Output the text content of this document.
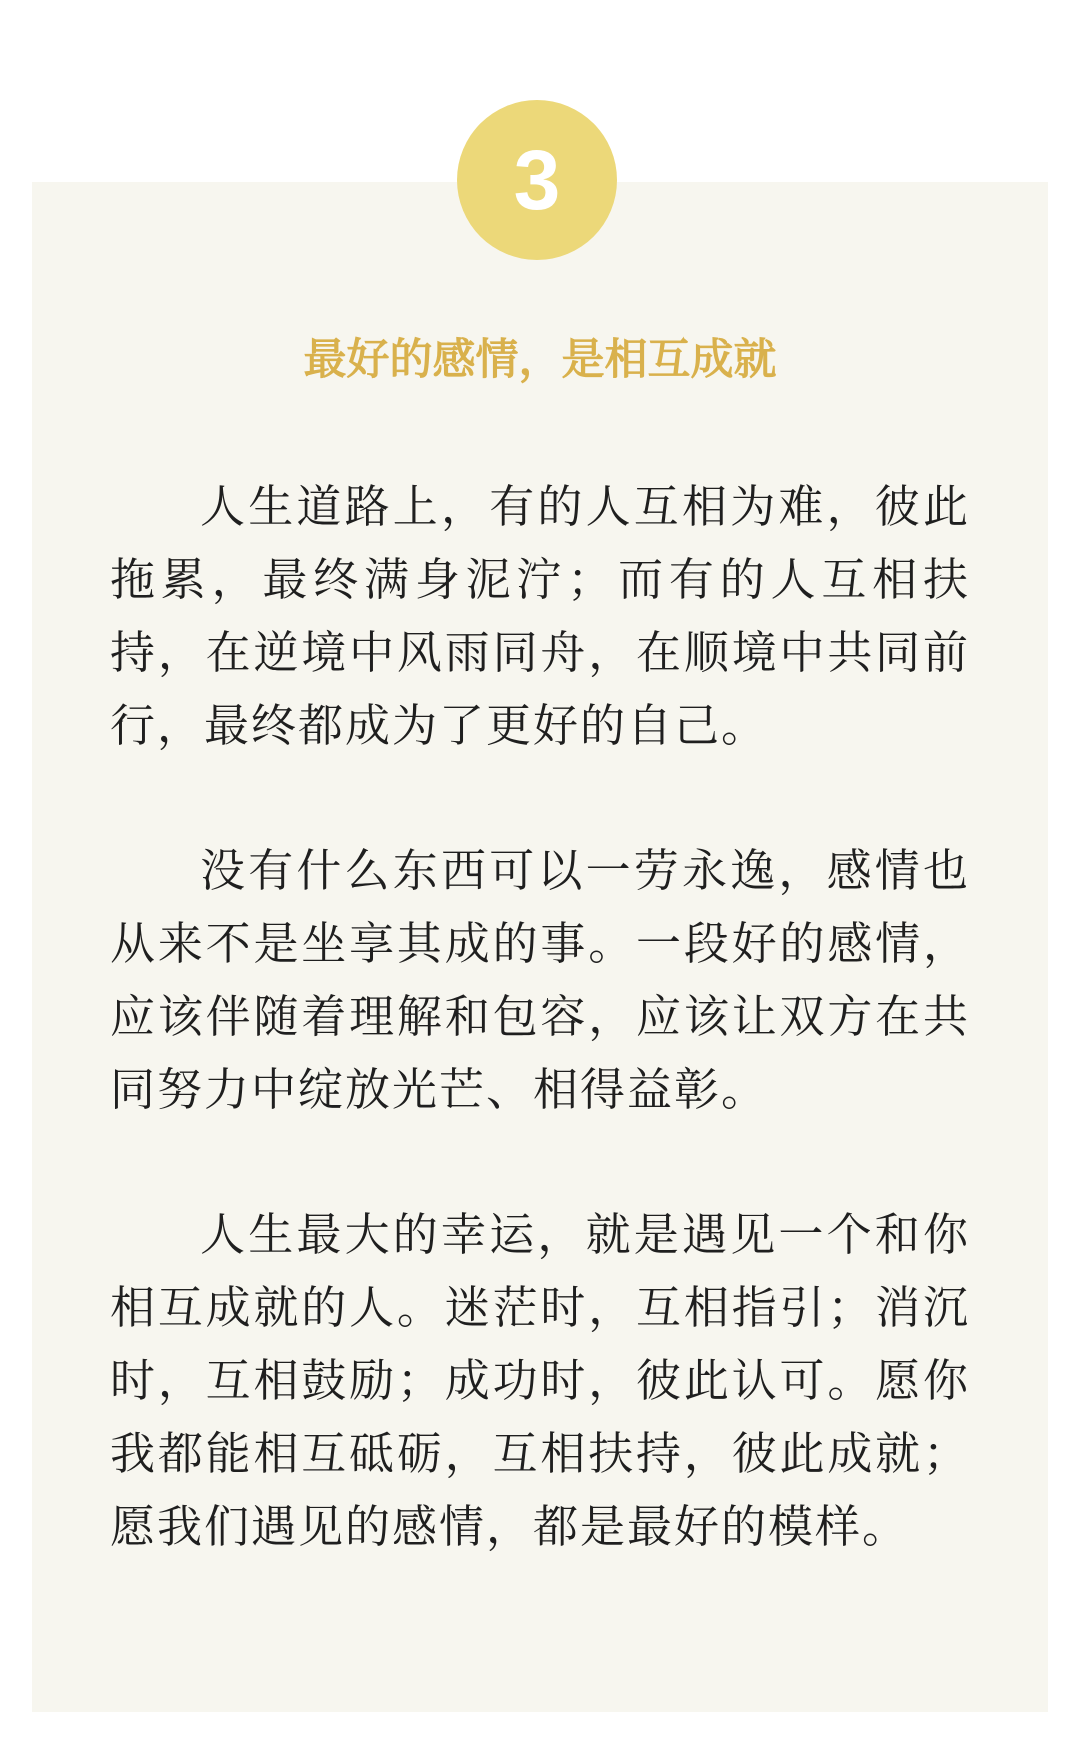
3
最好的感情，是相互成就

人生道路上，有的人互相为难，彼此拖累，最终满身泥泞；而有的人互相扶持，在逆境中风雨同舟，在顺境中共同前行，最终都成为了更好的自己。

没有什么东西可以一劳永逸，感情也从来不是坐享其成的事。一段好的感情，应该伴随着理解和包容，应该让双方在共同努力中绽放光芒、相得益彰。

人生最大的幸运，就是遇见一个和你相互成就的人。迷茫时，互相指引；消沉时，互相鼓励；成功时，彼此认可。愿你我都能相互砥砺，互相扶持，彼此成就；愿我们遇见的感情，都是最好的模样。
